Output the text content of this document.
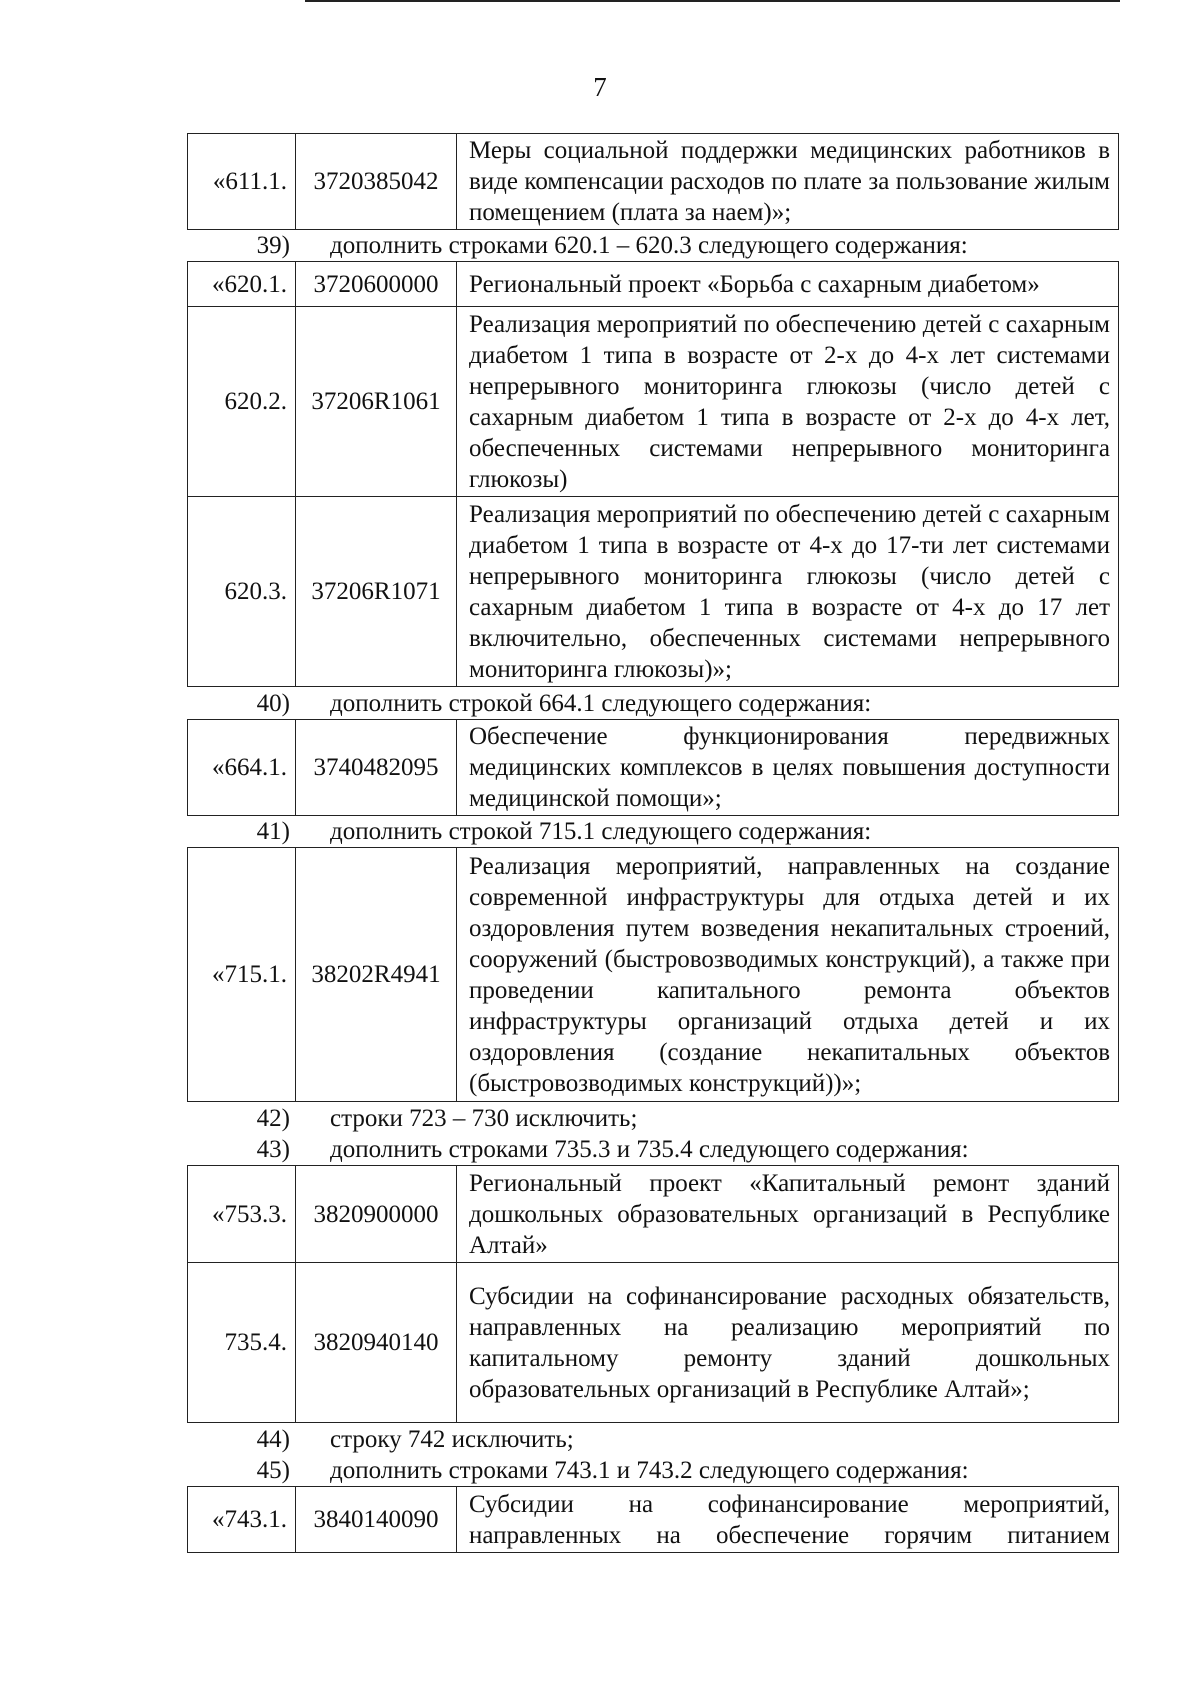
7
«611.1.	3720385042	Меры социальной поддержки медицинских работников в виде компенсации расходов по плате за пользование жилым помещением (плата за наем)»;
39) дополнить строками 620.1 – 620.3 следующего содержания:
«620.1.	3720600000	Региональный проект «Борьба с сахарным диабетом»
620.2.	37206R1061	Реализация мероприятий по обеспечению детей с сахарным диабетом 1 типа в возрасте от 2-х до 4-х лет системами непрерывного мониторинга глюкозы (число детей с сахарным диабетом 1 типа в возрасте от 2-х до 4-х лет, обеспеченных системами непрерывного мониторинга глюкозы)
620.3.	37206R1071	Реализация мероприятий по обеспечению детей с сахарным диабетом 1 типа в возрасте от 4-х до 17-ти лет системами непрерывного мониторинга глюкозы (число детей с сахарным диабетом 1 типа в возрасте от 4-х до 17 лет включительно, обеспеченных системами непрерывного мониторинга глюкозы)»;
40) дополнить строкой 664.1 следующего содержания:
«664.1.	3740482095	Обеспечение функционирования передвижных медицинских комплексов в целях повышения доступности медицинской помощи»;
41) дополнить строкой 715.1 следующего содержания:
«715.1.	38202R4941	Реализация мероприятий, направленных на создание современной инфраструктуры для отдыха детей и их оздоровления путем возведения некапитальных строений, сооружений (быстровозводимых конструкций), а также при проведении капитального ремонта объектов инфраструктуры организаций отдыха детей и их оздоровления (создание некапитальных объектов (быстровозводимых конструкций))»;
42) строки 723 – 730 исключить;
43) дополнить строками 735.3 и 735.4 следующего содержания:
«753.3.	3820900000	Региональный проект «Капитальный ремонт зданий дошкольных образовательных организаций в Республике Алтай»
735.4.	3820940140	Субсидии на софинансирование расходных обязательств, направленных на реализацию мероприятий по капитальному ремонту зданий дошкольных образовательных организаций в Республике Алтай»;
44) строку 742 исключить;
45) дополнить строками 743.1 и 743.2 следующего содержания:
«743.1.	3840140090	Субсидии на софинансирование мероприятий, направленных на обеспечение горячим питанием
